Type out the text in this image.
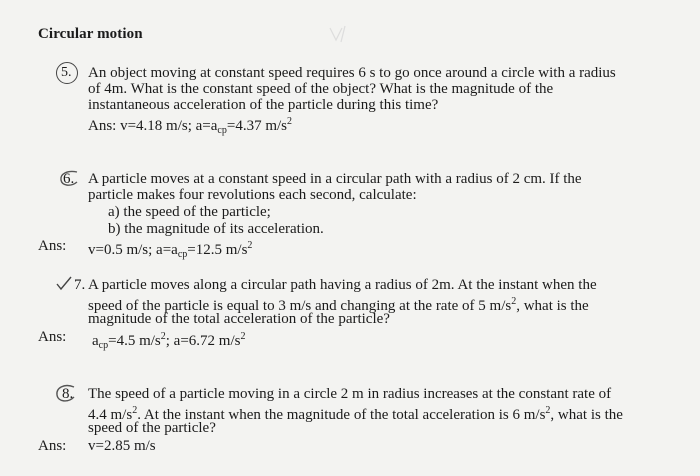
Circular motion
5. An object moving at constant speed requires 6 s to go once around a circle with a radius
of 4m. What is the constant speed of the object? What is the magnitude of the
instantaneous acceleration of the particle during this time?
Ans: v=4.18 m/s; $a=a_{cp}=4.37$ $m/s^2$
6. A particle moves at a constant speed in a circular path with a radius of 2 cm. If the
particle makes four revolutions each second, calculate:
a) the speed of the particle;
b) the magnitude of its acceleration.
Ans: v=0.5 m/s; $a=a_{cp}=12.5$ $m/s^2$
7. A particle moves along a circular path having a radius of 2m. At the instant when the
speed of the particle is equal to 3 m/s and changing at the rate of 5 $m/s^2$, what is the
magnitude of the total acceleration of the particle?
Ans: $a_{cp}=4.5$ $m/s^2$; a=6.72 $m/s^2$
8. The speed of a particle moving in a circle 2 m in radius increases at the constant rate of
4.4 $m/s^2$. At the instant when the magnitude of the total acceleration is 6 $m/s^2$, what is the
speed of the particle?
Ans: v=2.85 m/s
